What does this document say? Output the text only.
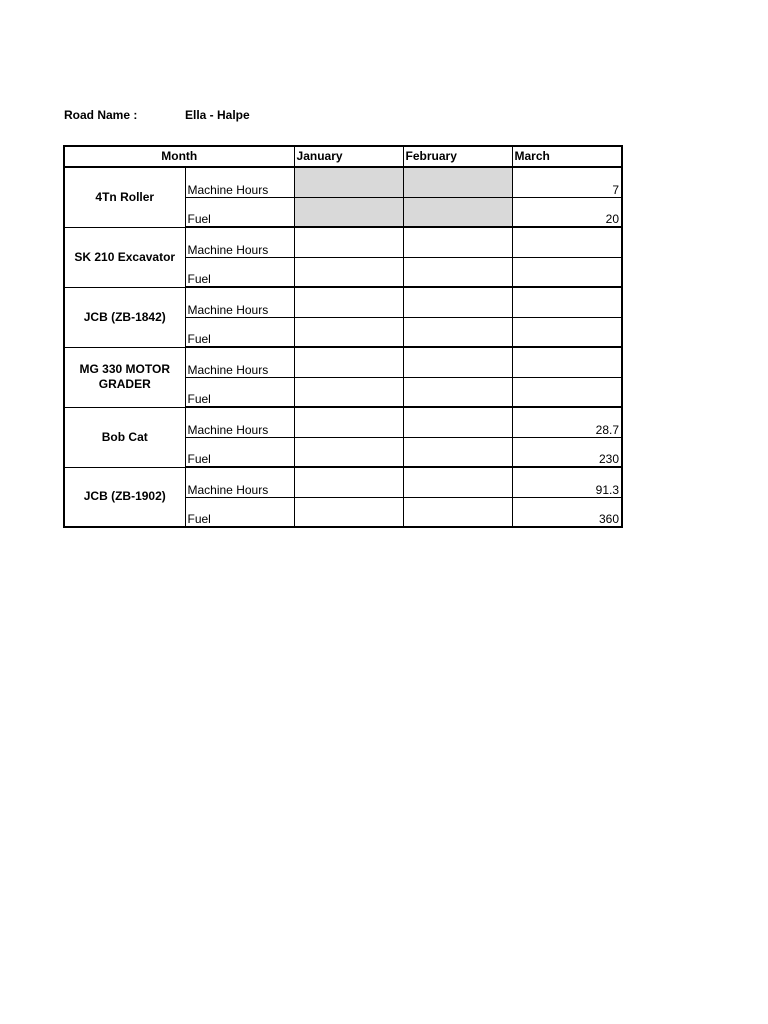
Road Name :	Ella - Halpe
Month		January	February	March
4Tn Roller	Machine Hours			7
	Fuel			20
SK 210 Excavator	Machine Hours			
	Fuel			
JCB (ZB-1842)	Machine Hours			
	Fuel			
MG 330 MOTOR GRADER	Machine Hours			
	Fuel			
Bob Cat	Machine Hours			28.7
	Fuel			230
JCB (ZB-1902)	Machine Hours			91.3
	Fuel			360
